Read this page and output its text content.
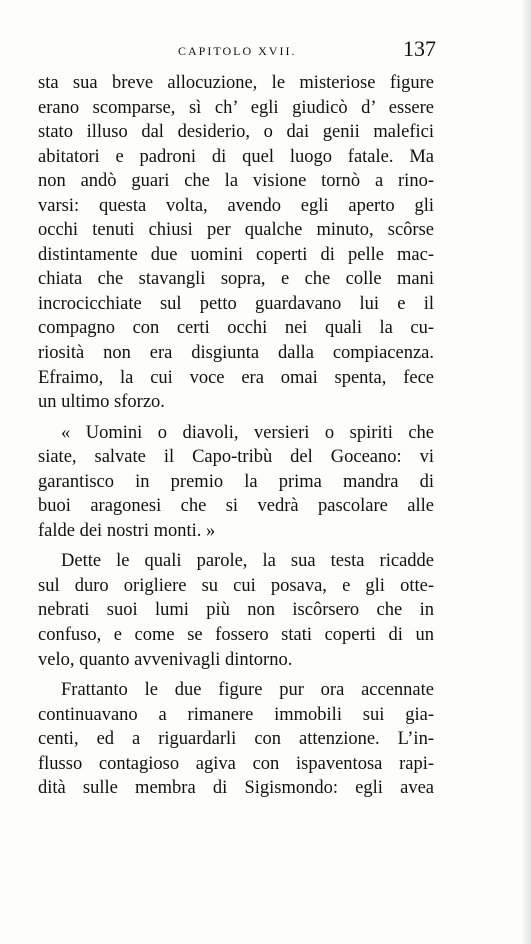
CAPITOLO XVII.	137
sta sua breve allocuzione, le misteriose figure
erano scomparse, sì ch’ egli giudicò d’ essere
stato illuso dal desiderio, o dai genii malefici
abitatori e padroni di quel luogo fatale. Ma
non andò guari che la visione tornò a rino-
varsi: questa volta, avendo egli aperto gli
occhi tenuti chiusi per qualche minuto, scôrse
distintamente due uomini coperti di pelle mac-
chiata che stavangli sopra, e che colle mani
incrocicchiate sul petto guardavano lui e il
compagno con certi occhi nei quali la cu-
riosità non era disgiunta dalla compiacenza.
Efraimo, la cui voce era omai spenta, fece
un ultimo sforzo.
« Uomini o diavoli, versieri o spiriti che
siate, salvate il Capo-tribù del Goceano: vi
garantisco in premio la prima mandra di
buoi aragonesi che si vedrà pascolare alle
falde dei nostri monti. »
Dette le quali parole, la sua testa ricadde
sul duro origliere su cui posava, e gli otte-
nebrati suoi lumi più non iscôrsero che in
confuso, e come se fossero stati coperti di un
velo, quanto avvenivagli dintorno.
Frattanto le due figure pur ora accennate
continuavano a rimanere immobili sui gia-
centi, ed a riguardarli con attenzione. L’in-
flusso contagioso agiva con ispaventosa rapi-
dità sulle membra di Sigismondo: egli avea
